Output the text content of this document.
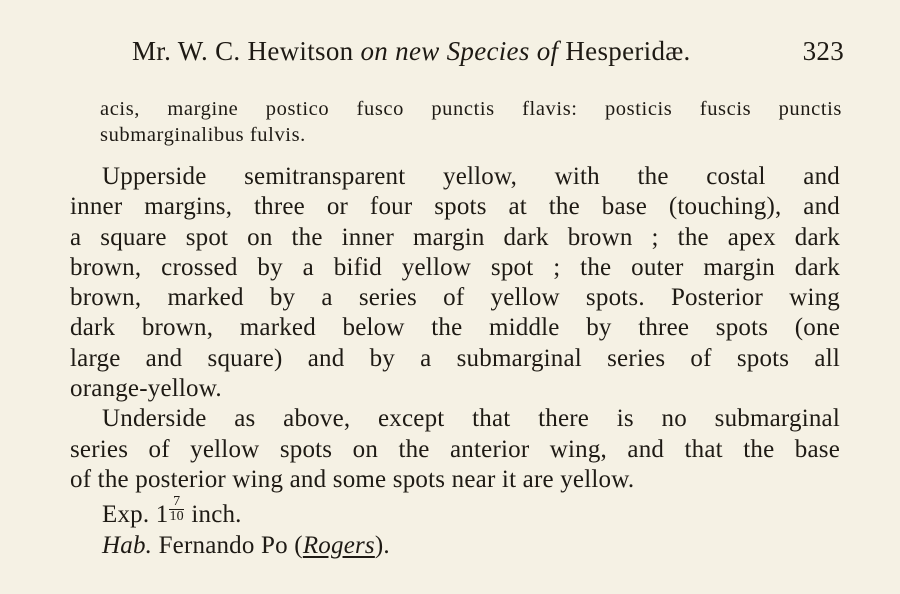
Mr. W. C. Hewitson on new Species of Hesperidæ.	323
acis, margine postico fusco punctis flavis: posticis fuscis punctis
submarginalibus fulvis.
Upperside semitransparent yellow, with the costal and
inner margins, three or four spots at the base (touching), and
a square spot on the inner margin dark brown ; the apex dark
brown, crossed by a bifid yellow spot ; the outer margin dark
brown, marked by a series of yellow spots. Posterior wing
dark brown, marked below the middle by three spots (one
large and square) and by a submarginal series of spots all
orange-yellow.
Underside as above, except that there is no submarginal
series of yellow spots on the anterior wing, and that the base
of the posterior wing and some spots near it are yellow.
Exp. $1 \frac{7}{10}$ inch.
Hab. Fernando Po (Rogers).
